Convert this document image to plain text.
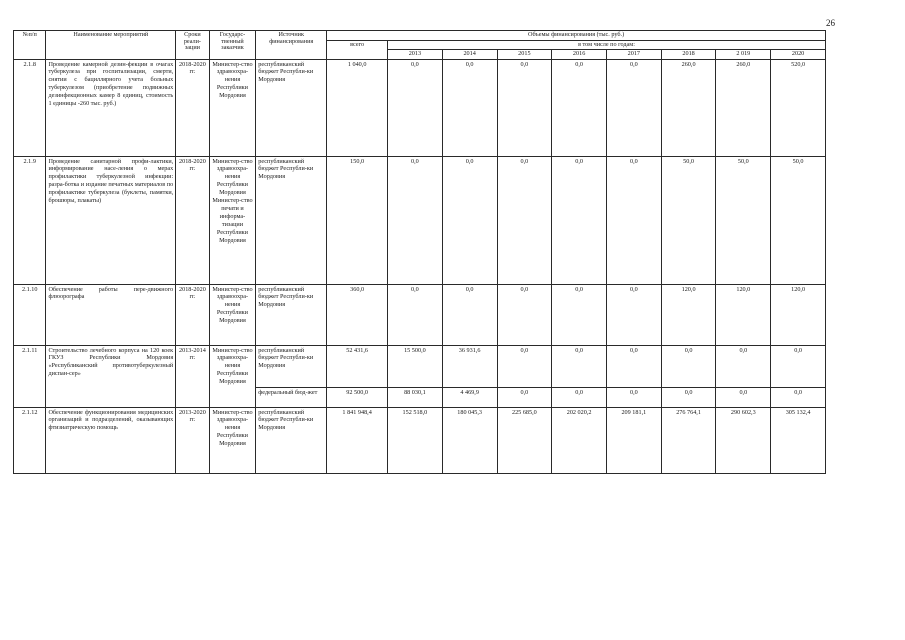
26
№п/п	Наименование мероприятий	Сроки реали-зации	Государс-твенный заказчик	Источник финансирования	Объемы финансирования (тыс. руб.)								
					всего	в том числе по годам:							
						2013	2014	2015	2016	2017	2018	2 019	2020
2.1.8	Проведение камерной дезин-фекции в очагах туберкулеза при госпитализации, смерти, снятии с бациллярного учета больных туберкулезом (приобретение подвижных дезинфекционных камер 8 единиц, стоимость 1 единицы -260 тыс. руб.)	2018-2020 гг.	Министер-ство здравоохра-нения Республики Мордовия	республиканский бюджет Республи-ки Мордовия	1 040,0	0,0	0,0	0,0	0,0	0,0	260,0	260,0	520,0
2.1.9	Проведение санитарной профи-лактики, информирование насе-ления о мерах профилактики туберкулезной инфекции: разра-ботка и издание печатных материалов по профилактике туберкулеза (буклеты, памятки, брошюры, плакаты)	2018-2020 гг.	Министер-ство здравоохра-нения Республики Мордовия Министер-ство печати и информа-тизации Республики Мордовия	республиканский бюджет Республи-ки Мордовия	150,0	0,0	0,0	0,0	0,0	0,0	50,0	50,0	50,0
2.1.10	Обеспечение работы пере-движного флюорографа	2018-2020 гг.	Министер-ство здравоохра-нения Республики Мордовия	республиканский бюджет Республи-ки Мордовия	360,0	0,0	0,0	0,0	0,0	0,0	120,0	120,0	120,0
2.1.11	Строительство лечебного корпуса на 120 коек ГКУЗ Республики Мордовия «Республиканский противотуберкулезный диспан-сер»	2013-2014 гг.	Министер-ство здравоохра-нения Республики Мордовия	республиканский бюджет Республи-ки Мордовия	52 431,6	15 500,0	36 931,6	0,0	0,0	0,0	0,0	0,0	0,0
				федеральный бюд-жет	92 500,0	88 030,1	4 469,9	0,0	0,0	0,0	0,0	0,0	0,0
2.1.12	Обеспечение функционирования медицинских организаций и подразделений, оказывающих фтизиатрическую помощь	2013-2020 гг.	Министер-ство здравоохра-нения Республики Мордовия	республиканский бюджет Республи-ки Мордовия	1 841 948,4	152 518,0	180 045,3	225 685,0	202 020,2	209 181,1	276 764,1	290 602,3	305 132,4
